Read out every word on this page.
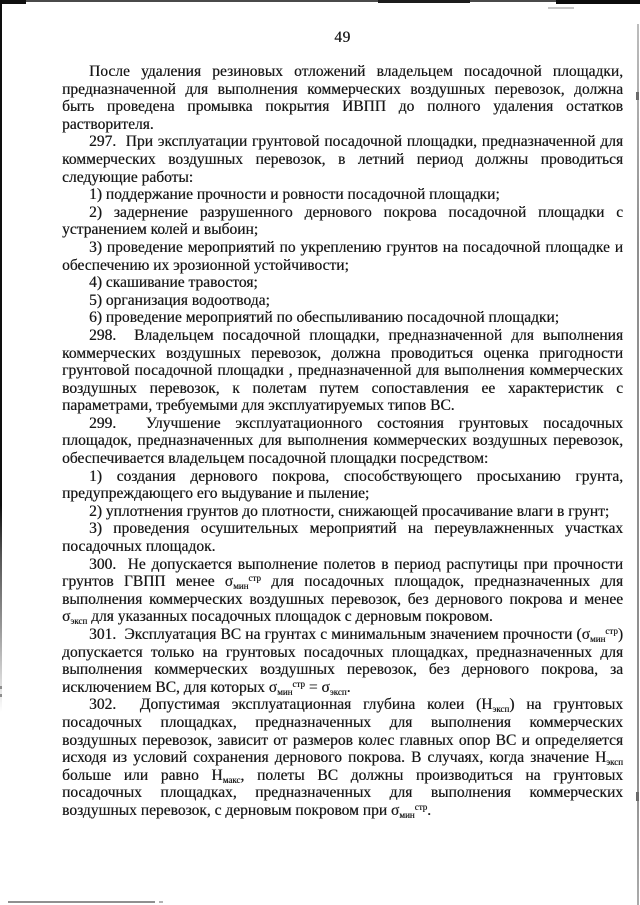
49

После удаления резиновых отложений владельцем посадочной площадки, предназначенной для выполнения коммерческих воздушных перевозок, должна быть проведена промывка покрытия ИВПП до полного удаления остатков растворителя.

297.  При эксплуатации грунтовой посадочной площадки, предназначенной для коммерческих воздушных перевозок, в летний период должны проводиться следующие работы:

1) поддержание прочности и ровности посадочной площадки;

2) задернение разрушенного дернового покрова посадочной площадки с устранением колей и выбоин;

3) проведение мероприятий по укреплению грунтов на посадочной площадке и обеспечению их эрозионной устойчивости;

4) скашивание травостоя;

5) организация водоотвода;

6) проведение мероприятий по обеспыливанию посадочной площадки;

298.  Владельцем посадочной площадки, предназначенной для выполнения коммерческих воздушных перевозок, должна проводиться оценка пригодности грунтовой посадочной площадки , предназначенной для выполнения коммерческих воздушных перевозок, к полетам путем сопоставления ее характеристик с параметрами, требуемыми для эксплуатируемых типов ВС.

299.  Улучшение эксплуатационного состояния грунтовых посадочных площадок, предназначенных для выполнения коммерческих воздушных перевозок, обеспечивается владельцем посадочной площадки посредством:

1) создания дернового покрова, способствующего просыханию грунта, предупреждающего его выдувание и пыление;

2) уплотнения грунтов до плотности, снижающей просачивание влаги в грунт;

3) проведения осушительных мероприятий на переувлажненных участках посадочных площадок.

300.  Не допускается выполнение полетов в период распутицы при прочности грунтов ГВПП менее $\sigma_{мин}^{стр}$ для посадочных площадок, предназначенных для выполнения коммерческих воздушных перевозок, без дернового покрова и менее $\sigma_{эксп}$ для указанных посадочных площадок с дерновым покровом.

301.  Эксплуатация ВС на грунтах с минимальным значением прочности $(\sigma_{мин}^{стр})$ допускается только на грунтовых посадочных площадках, предназначенных для выполнения коммерческих воздушных перевозок, без дернового покрова, за исключением ВС, для которых $\sigma_{мин}^{стр} = \sigma_{эксп}$.

302.  Допустимая эксплуатационная глубина колеи $(Н_{эксп})$ на грунтовых посадочных площадках, предназначенных для выполнения коммерческих воздушных перевозок, зависит от размеров колес главных опор ВС и определяется исходя из условий сохранения дернового покрова. В случаях, когда значение $Н_{эксп}$ больше или равно $Н_{макс}$, полеты ВС должны производиться на грунтовых посадочных площадках, предназначенных для выполнения коммерческих воздушных перевозок, с дерновым покровом при $\sigma_{мин}^{стр}$.
